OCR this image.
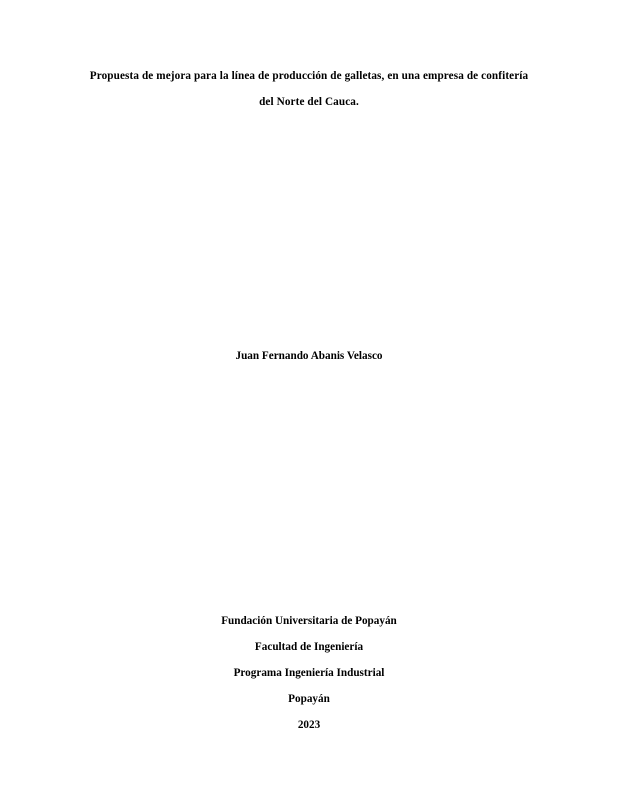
Propuesta de mejora para la línea de producción de galletas, en una empresa de confitería
del Norte del Cauca.
Juan Fernando Abanis Velasco
Fundación Universitaria de Popayán
Facultad de Ingeniería
Programa Ingeniería Industrial
Popayán
2023
